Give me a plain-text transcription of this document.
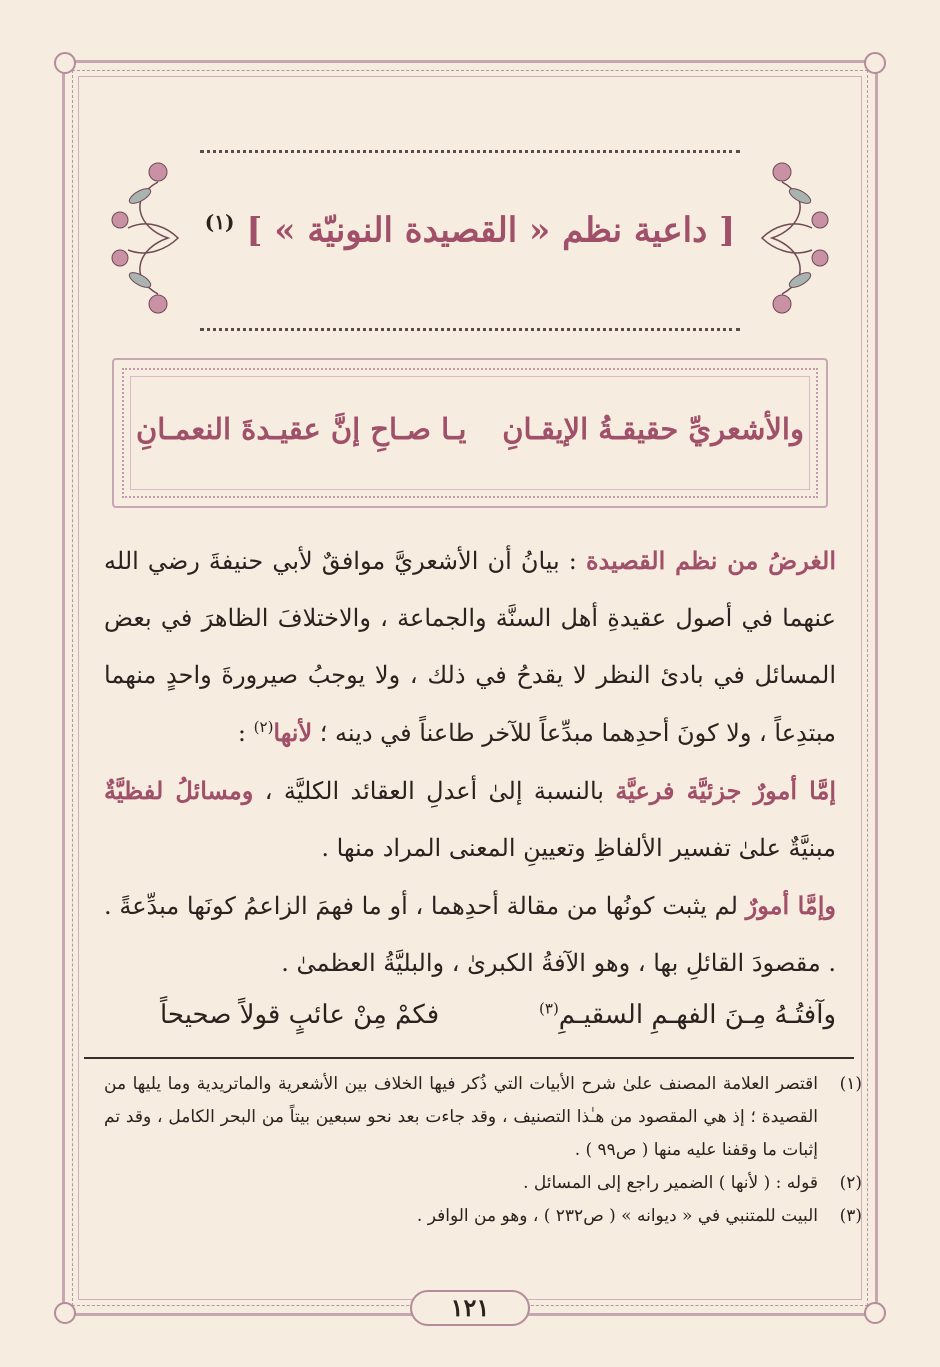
[ داعية نظم « القصيدة النونيّة » ] $^{(١)}$
يـا صـاحِ إنَّ عقيـدةَ النعمـانِ والأشعريِّ حقيقـةُ الإيقـانِ

الغرضُ من نظم القصيدة : بيانُ أن الأشعريَّ موافقٌ لأبي حنيفةَ رضي الله عنهما في أصول عقيدةِ أهل السنَّة والجماعة ، والاختلافَ الظاهرَ في بعض المسائل في بادئ النظر لا يقدحُ في ذلك ، ولا يوجبُ صيرورةَ واحدٍ منهما مبتدِعاً ، ولا كونَ أحدِهما مبدِّعاً للآخر طاعناً في دينه ؛ لأنها$^{(٢)}$ :

إمَّا أمورٌ جزئيَّة فرعيَّة بالنسبة إلىٰ أعدلِ العقائد الكليَّة ، ومسائلُ لفظيَّةٌ مبنيَّةٌ علىٰ تفسير الألفاظِ وتعيينِ المعنى المراد منها .

وإمَّا أمورٌ لم يثبت كونُها من مقالة أحدِهما ، أو ما فهمَ الزاعمُ كونَها مبدِّعةً . . مقصودَ القائلِ بها ، وهو الآفةُ الكبرىٰ ، والبليَّةُ العظمىٰ .

فكمْ مِنْ عائبٍ قولاً صحيحاً	وآفتُـهُ مِـنَ الفهـمِ السقيـمِ$^{(٣)}$
(١)
اقتصر العلامة المصنف علىٰ شرح الأبيات التي ذُكر فيها الخلاف بين الأشعرية والماتريدية وما يليها من القصيدة ؛ إذ هي المقصود من هـٰذا التصنيف ، وقد جاءت بعد نحو سبعين بيتاً من البحر الكامل ، وقد تم إثبات ما وقفنا عليه منها ( ص٩٩ ) .
(٢)
قوله : ( لأنها ) الضمير راجع إلى المسائل .
(٣)
البيت للمتنبي في « ديوانه » ( ص٢٣٢ ) ، وهو من الوافر .
١٢١
